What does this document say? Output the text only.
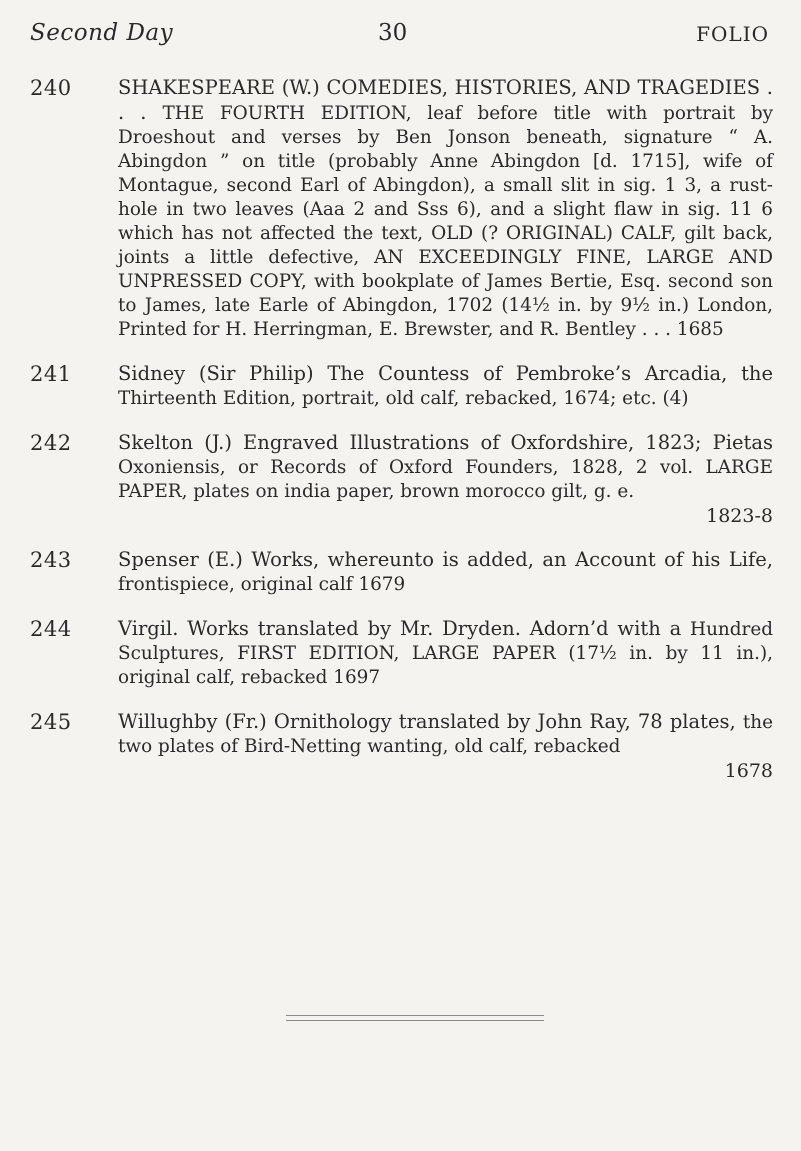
Second Day	30	FOLIO
240 SHAKESPEARE (W.) COMEDIES, HISTORIES, AND TRAGEDIES . . . THE FOURTH EDITION, leaf before title with portrait by Droeshout and verses by Ben Jonson beneath, signature “ A. Abingdon ” on title (probably Anne Abingdon [d. 1715], wife of Montague, second Earl of Abingdon), a small slit in sig. 1 3, a rust-hole in two leaves (Aaa 2 and Sss 6), and a slight flaw in sig. 11 6 which has not affected the text, OLD (? ORIGINAL) CALF, gilt back, joints a little defective, AN EXCEEDINGLY FINE, LARGE AND UNPRESSED COPY, with bookplate of James Bertie, Esq. second son to James, late Earle of Abingdon, 1702 (14½ in. by 9½ in.) London, Printed for H. Herringman, E. Brewster, and R. Bentley . . . 1685
241 Sidney (Sir Philip) The Countess of Pembroke’s Arcadia, the Thirteenth Edition, portrait, old calf, rebacked, 1674; etc. (4)
242 Skelton (J.) Engraved Illustrations of Oxfordshire, 1823; Pietas Oxoniensis, or Records of Oxford Founders, 1828, 2 vol. LARGE PAPER, plates on india paper, brown morocco gilt, g. e.
1823-8
243 Spenser (E.) Works, whereunto is added, an Account of his Life, frontispiece, original calf 1679
244 Virgil. Works translated by Mr. Dryden. Adorn’d with a Hundred Sculptures, FIRST EDITION, LARGE PAPER (17½ in. by 11 in.), original calf, rebacked 1697
245 Willughby (Fr.) Ornithology translated by John Ray, 78 plates, the two plates of Bird-Netting wanting, old calf, rebacked
1678
